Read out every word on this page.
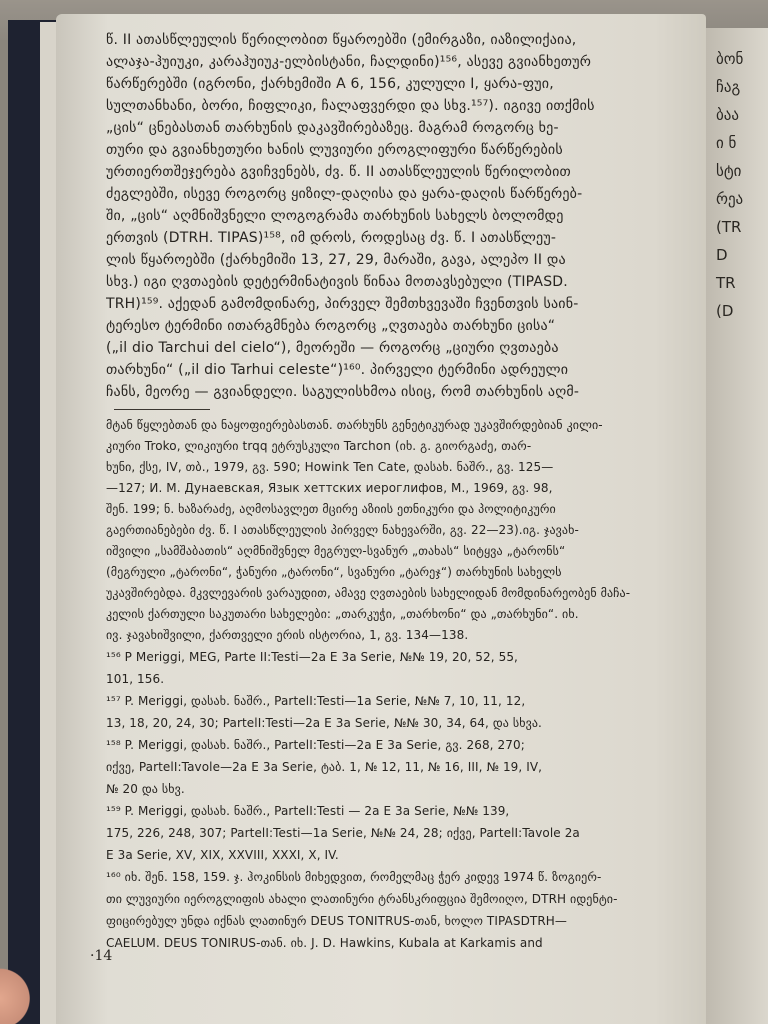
ბონ
ჩაგ
ბაა
ი ნ
სტი
რეა
(TR
D
TR
(D
წ. II ათასწლეულის წერილობით წყაროებში (ემირგაზი, იაზილიქაია,
ალაჯა-ჰუიუკი, კარაჰუიუკ-ელბისტანი, ჩალდინი)¹⁵⁶, ასევე გვიანხეთურ
წარწერებში (იგრონი, ქარხემიში A 6, 156, კულული I, ყარა-ფუი,
სულთანხანი, ბორი, ჩიფლიკი, ჩალაფვერდი და სხვ.¹⁵⁷). იგივე ითქმის
„ცის“ ცნებასთან თარხუნის დაკავშირებაზეც. მაგრამ როგორც ხე-
თური და გვიანხეთური ხანის ლუვიური ეროგლიფური წარწერების
ურთიერთშეჯერება გვიჩვენებს, ძვ. წ. II ათასწლეულის წერილობით
ძეგლებში, ისევე როგორც ყიზილ-დაღისა და ყარა-დაღის წარწერებ-
ში, „ცის“ აღმნიშვნელი ლოგოგრამა თარხუნის სახელს ბოლომდე
ერთვის (DTRH. TIPAS)¹⁵⁸, იმ დროს, როდესაც ძვ. წ. I ათასწლეუ-
ლის წყაროებში (ქარხემიში 13, 27, 29, მარაში, გავა, ალეპო II და
სხვ.) იგი ღვთაების დეტერმინატივის წინაა მოთავსებული (TIPASD.
TRH)¹⁵⁹. აქედან გამომდინარე, პირველ შემთხვევაში ჩვენთვის საინ-
ტერესო ტერმინი ითარგმნება როგორც „ღვთაება თარხუნი ცისა“
(„il dio Tarchui del cielo“), მეორეში — როგორც „ციური ღვთაება
თარხუნი“ („il dio Tarhui celeste“)¹⁶⁰. პირველი ტერმინი ადრეული
ჩანს, მეორე — გვიანდელი. საგულისხმოა ისიც, რომ თარხუნის აღმ-
მტან წყლებთან და ნაყოფიერებასთან. თარხუნს გენეტიკურად უკავშირდებიან კილი-
კიური Troko, ლიკიური trqq ეტრუსკული Tarchon (იხ. გ. გიორგაძე, თარ-
ხუნი, ქსე, IV, თბ., 1979, გვ. 590; Howink Ten Cate, დასახ. ნაშრ., გვ. 125—
—127; И. М. Дунаевская, Язык хеттских иероглифов, М., 1969, გვ. 98,
შენ. 199; ნ. ხაზარაძე, აღმოსავლეთ მცირე აზიის ეთნიკური და პოლიტიკური
გაერთიანებები ძვ. წ. I ათასწლეულის პირველ ნახევარში, გვ. 22—23).იგ. ჯავახ-
იშვილი „სამშაბათის“ აღმნიშვნელ მეგრულ-სვანურ „თახას“ სიტყვა „ტარონს“
(მეგრული „ტარონი“, ჭანური „ტარონი“, სვანური „ტარეჯ“) თარხუნის სახელს
უკავშირებდა. მკვლევარის ვარაუდით, ამავე ღვთაების სახელიდან მომდინარეობენ მაჩა-
კელის ქართული საკუთარი სახელები: „თარკუჭი, „თარხონი“ და „თარხუნი“. იხ.
ივ. ჯავახიშვილი, ქართველი ერის ისტორია, 1, გვ. 134—138.
¹⁵⁶ P Meriggi, MEG, Parte II:Testi—2a E 3a Serie, №№ 19, 20, 52, 55,
101, 156.
¹⁵⁷ P. Meriggi, დასახ. ნაშრ., PartelI:Testi—1a Serie, №№ 7, 10, 11, 12,
13, 18, 20, 24, 30; PartelI:Testi—2a E 3a Serie, №№ 30, 34, 64, და სხვა.
¹⁵⁸ P. Meriggi, დასახ. ნაშრ., PartelI:Testi—2a E 3a Serie, გვ. 268, 270;
იქვე, PartelI:Tavole—2a E 3a Serie, ტაბ. 1, № 12, 11, № 16, III, № 19, IV,
№ 20 და სხვ.
¹⁵⁹ P. Meriggi, დასახ. ნაშრ., PartelI:Testi — 2a E 3a Serie, №№ 139,
175, 226, 248, 307; PartelI:Testi—1a Serie, №№ 24, 28; იქვე, PartelI:Tavole 2a
E 3a Serie, XV, XIX, XXVIII, XXXI, X, IV.
¹⁶⁰ იხ. შენ. 158, 159. ჯ. ჰოკინსის მიხედვით, რომელმაც ჭერ კიდევ 1974 წ. ზოგიერ-
თი ლუვიური იეროგლიფის ახალი ლათინური ტრანსკრიფცია შემოიღო, DTRH იდენტი-
ფიცირებულ უნდა იქნას ლათინურ DEUS TONITRUS-თან, ხოლო TIPASDTRH—
CAELUM. DEUS TONIRUS-თან. იხ. J. D. Hawkins, Kubala at Karkamis and
·14
